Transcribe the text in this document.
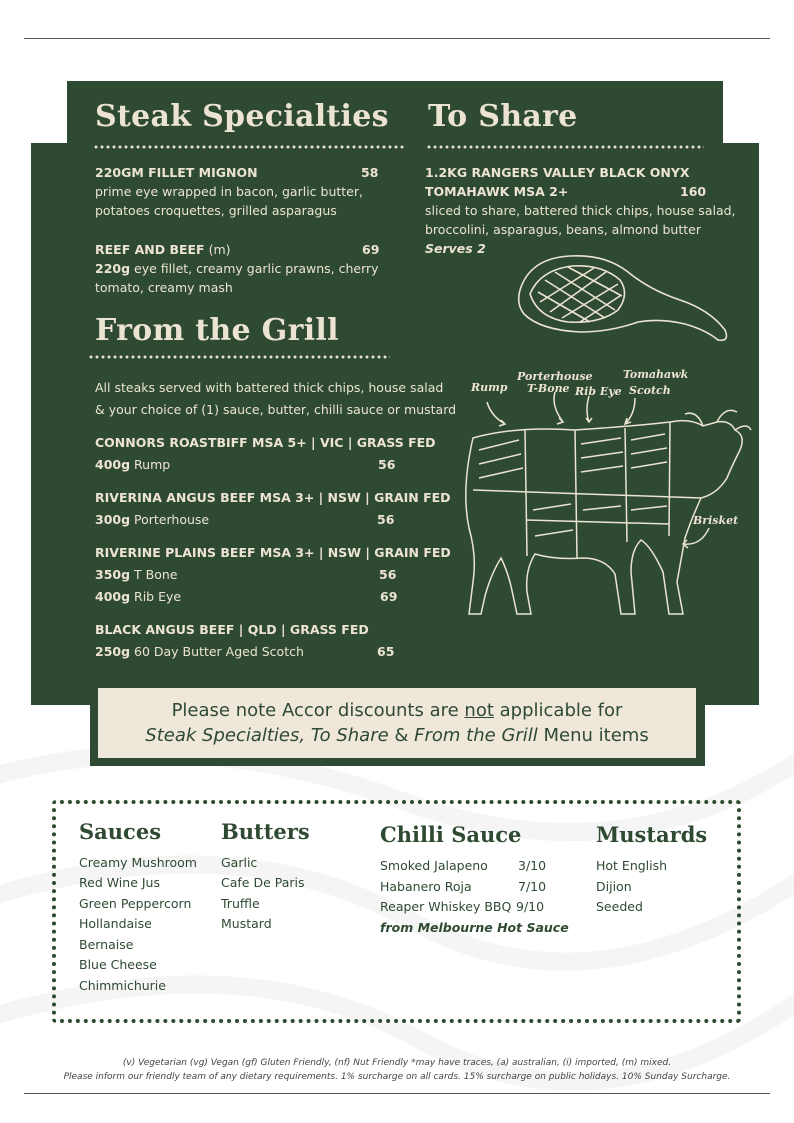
Steak Specialties
220GM FILLET MIGNON	58
prime eye wrapped in bacon, garlic butter,
potatoes croquettes, grilled asparagus
REEF AND BEEF (m)	69
220g eye fillet, creamy garlic prawns, cherry
tomato, creamy mash
To Share
1.2KG RANGERS VALLEY BLACK ONYX
TOMAHAWK MSA 2+	160
sliced to share, battered thick chips, house salad,
broccolini, asparagus, beans, almond butter
Serves 2
From the Grill
All steaks served with battered thick chips, house salad
& your choice of (1) sauce, butter, chilli sauce or mustard
CONNORS ROASTBIFF MSA 5+ | VIC | GRASS FED
400g Rump	56
RIVERINA ANGUS BEEF MSA 3+ | NSW | GRAIN FED
300g Porterhouse	56
RIVERINE PLAINS BEEF MSA 3+ | NSW | GRAIN FED
350g T Bone	56
400g Rib Eye	69
BLACK ANGUS BEEF | QLD | GRASS FED
250g 60 Day Butter Aged Scotch	65
Rump
Porterhouse
T-Bone Rib Eye
Tomahawk
Scotch
Brisket
Please note Accor discounts are not applicable for
Steak Specialties, To Share & From the Grill Menu items
Sauces
Creamy Mushroom
Red Wine Jus
Green Peppercorn
Hollandaise
Bernaise
Blue Cheese
Chimmichurie
Butters
Garlic
Cafe De Paris
Truffle
Mustard
Chilli Sauce
Smoked Jalapeno 3/10
Habanero Roja	7/10
Reaper Whiskey BBQ 9/10
from Melbourne Hot Sauce
Mustards
Hot English
Dijion
Seeded
(v) Vegetarian (vg) Vegan (gf) Gluten Friendly, (nf) Nut Friendly *may have traces, (a) australian, (i) imported, (m) mixed.
Please inform our friendly team of any dietary requirements. 1% surcharge on all cards. 15% surcharge on public holidays. 10% Sunday Surcharge.
